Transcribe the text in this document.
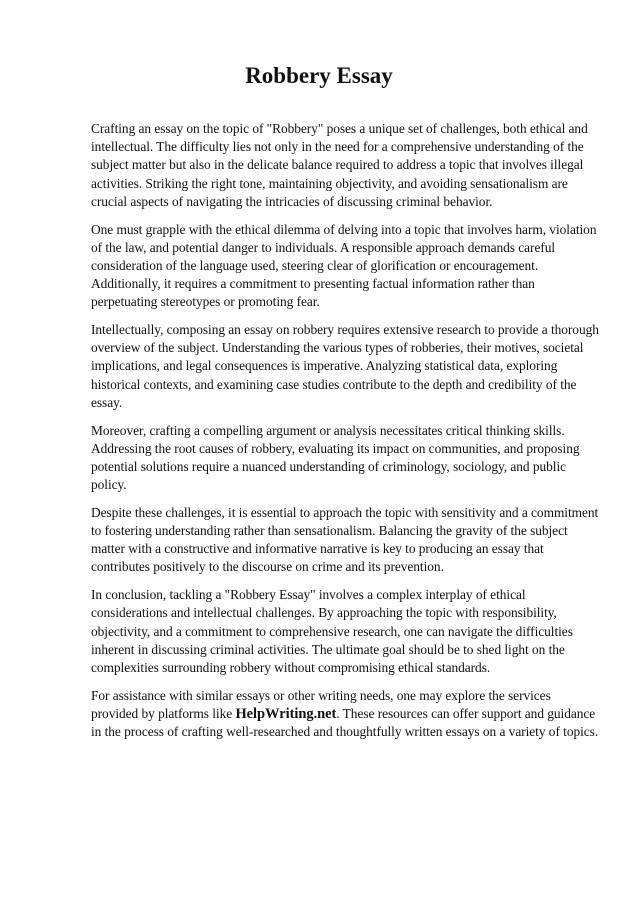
Robbery Essay

Crafting an essay on the topic of "Robbery" poses a unique set of challenges, both ethical and intellectual. The difficulty lies not only in the need for a comprehensive understanding of the subject matter but also in the delicate balance required to address a topic that involves illegal activities. Striking the right tone, maintaining objectivity, and avoiding sensationalism are crucial aspects of navigating the intricacies of discussing criminal behavior.

One must grapple with the ethical dilemma of delving into a topic that involves harm, violation of the law, and potential danger to individuals. A responsible approach demands careful consideration of the language used, steering clear of glorification or encouragement. Additionally, it requires a commitment to presenting factual information rather than perpetuating stereotypes or promoting fear.

Intellectually, composing an essay on robbery requires extensive research to provide a thorough overview of the subject. Understanding the various types of robberies, their motives, societal implications, and legal consequences is imperative. Analyzing statistical data, exploring historical contexts, and examining case studies contribute to the depth and credibility of the essay.

Moreover, crafting a compelling argument or analysis necessitates critical thinking skills. Addressing the root causes of robbery, evaluating its impact on communities, and proposing potential solutions require a nuanced understanding of criminology, sociology, and public policy.

Despite these challenges, it is essential to approach the topic with sensitivity and a commitment to fostering understanding rather than sensationalism. Balancing the gravity of the subject matter with a constructive and informative narrative is key to producing an essay that contributes positively to the discourse on crime and its prevention.

In conclusion, tackling a "Robbery Essay" involves a complex interplay of ethical considerations and intellectual challenges. By approaching the topic with responsibility, objectivity, and a commitment to comprehensive research, one can navigate the difficulties inherent in discussing criminal activities. The ultimate goal should be to shed light on the complexities surrounding robbery without compromising ethical standards.

For assistance with similar essays or other writing needs, one may explore the services provided by platforms like HelpWriting.net. These resources can offer support and guidance in the process of crafting well-researched and thoughtfully written essays on a variety of topics.
